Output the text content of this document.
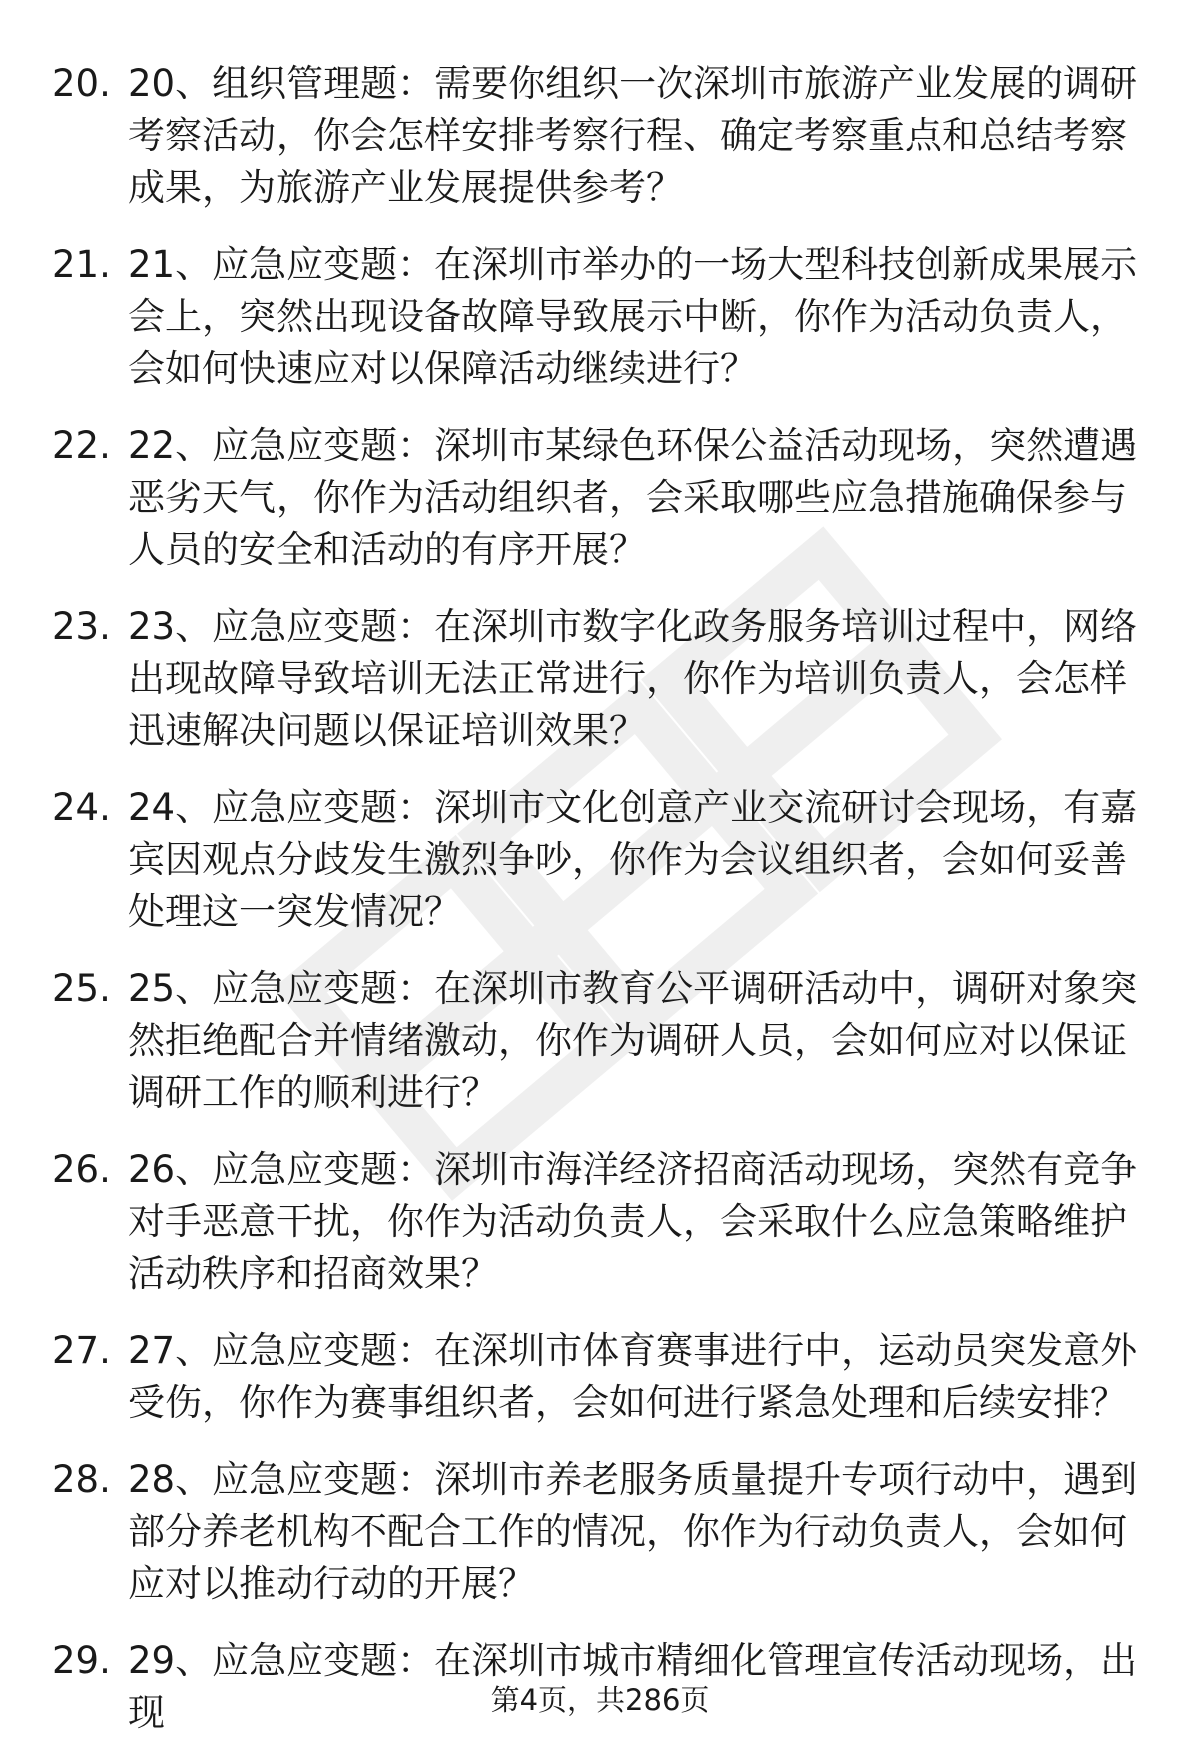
20. 20、组织管理题：需要你组织一次深圳市旅游产业发展的调研考察活动，你会怎样安排考察行程、确定考察重点和总结考察成果，为旅游产业发展提供参考？
21. 21、应急应变题：在深圳市举办的一场大型科技创新成果展示会上，突然出现设备故障导致展示中断，你作为活动负责人，会如何快速应对以保障活动继续进行？
22. 22、应急应变题：深圳市某绿色环保公益活动现场，突然遭遇恶劣天气，你作为活动组织者，会采取哪些应急措施确保参与人员的安全和活动的有序开展？
23. 23、应急应变题：在深圳市数字化政务服务培训过程中，网络出现故障导致培训无法正常进行，你作为培训负责人，会怎样迅速解决问题以保证培训效果？
24. 24、应急应变题：深圳市文化创意产业交流研讨会现场，有嘉宾因观点分歧发生激烈争吵，你作为会议组织者，会如何妥善处理这一突发情况？
25. 25、应急应变题：在深圳市教育公平调研活动中，调研对象突然拒绝配合并情绪激动，你作为调研人员，会如何应对以保证调研工作的顺利进行？
26. 26、应急应变题：深圳市海洋经济招商活动现场，突然有竞争对手恶意干扰，你作为活动负责人，会采取什么应急策略维护活动秩序和招商效果？
27. 27、应急应变题：在深圳市体育赛事进行中，运动员突发意外受伤，你作为赛事组织者，会如何进行紧急处理和后续安排？
28. 28、应急应变题：深圳市养老服务质量提升专项行动中，遇到部分养老机构不配合工作的情况，你作为行动负责人，会如何应对以推动行动的开展？
29. 29、应急应变题：在深圳市城市精细化管理宣传活动现场，出现	第4页，共286页
